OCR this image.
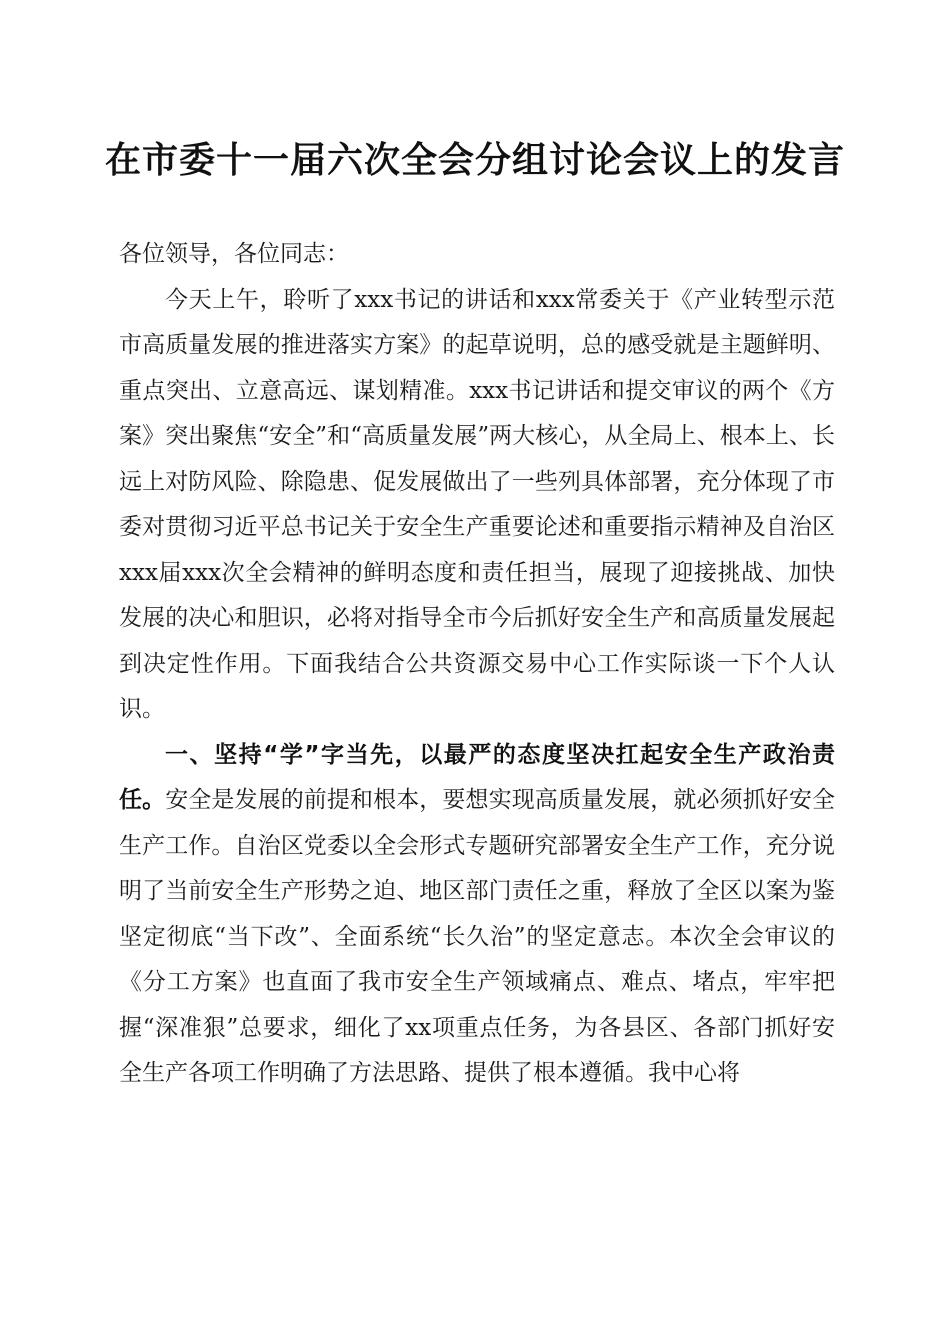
在市委十一届六次全会分组讨论会议上的发言

各位领导，各位同志：

今天上午，聆听了xxx书记的讲话和xxx常委关于《产业转型示范市高质量发展的推进落实方案》的起草说明，总的感受就是主题鲜明、重点突出、立意高远、谋划精准。xxx书记讲话和提交审议的两个《方案》突出聚焦“安全”和“高质量发展”两大核心，从全局上、根本上、长远上对防风险、除隐患、促发展做出了一些列具体部署，充分体现了市委对贯彻习近平总书记关于安全生产重要论述和重要指示精神及自治区xxx届xxx次全会精神的鲜明态度和责任担当，展现了迎接挑战、加快发展的决心和胆识，必将对指导全市今后抓好安全生产和高质量发展起到决定性作用。下面我结合公共资源交易中心工作实际谈一下个人认识。

一、坚持“学”字当先，以最严的态度坚决扛起安全生产政治责任。安全是发展的前提和根本，要想实现高质量发展，就必须抓好安全生产工作。自治区党委以全会形式专题研究部署安全生产工作，充分说明了当前安全生产形势之迫、地区部门责任之重，释放了全区以案为鉴坚定彻底“当下改”、全面系统“长久治”的坚定意志。本次全会审议的《分工方案》也直面了我市安全生产领域痛点、难点、堵点，牢牢把握“深准狠”总要求，细化了xx项重点任务，为各县区、各部门抓好安全生产各项工作明确了方法思路、提供了根本遵循。我中心将
